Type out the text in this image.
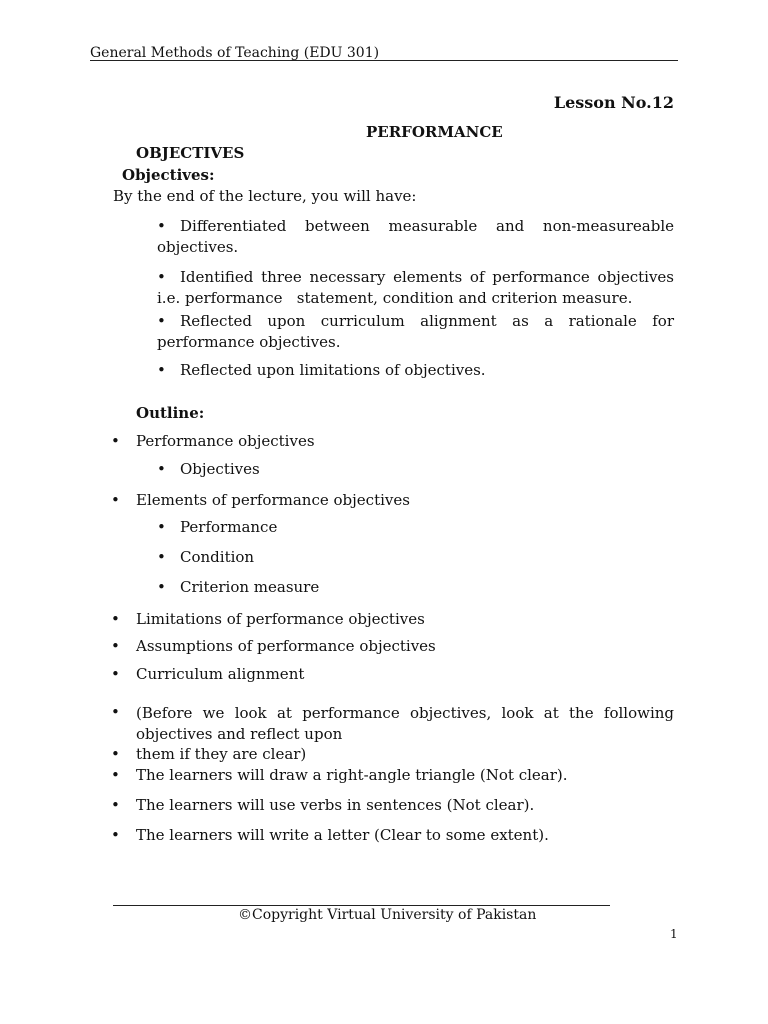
General Methods of Teaching (EDU 301)
Lesson No.12
PERFORMANCE
OBJECTIVES
Objectives:
By the end of the lecture, you will have:
• Differentiated between measurable and non-measureable
objectives.
• Identified three necessary elements of performance objectives
i.e. performance   statement, condition and criterion measure.
• Reflected upon curriculum alignment as a rationale for
performance objectives.
• Reflected upon limitations of objectives.
Outline:
• Performance objectives
• Objectives
• Elements of performance objectives
• Performance
• Condition
• Criterion measure
• Limitations of performance objectives
• Assumptions of performance objectives
• Curriculum alignment
• (Before we look at performance objectives, look at the following
objectives and reflect upon
• them if they are clear)
• The learners will draw a right-angle triangle (Not clear).
• The learners will use verbs in sentences (Not clear).
• The learners will write a letter (Clear to some extent).
©Copyright Virtual University of Pakistan
1
